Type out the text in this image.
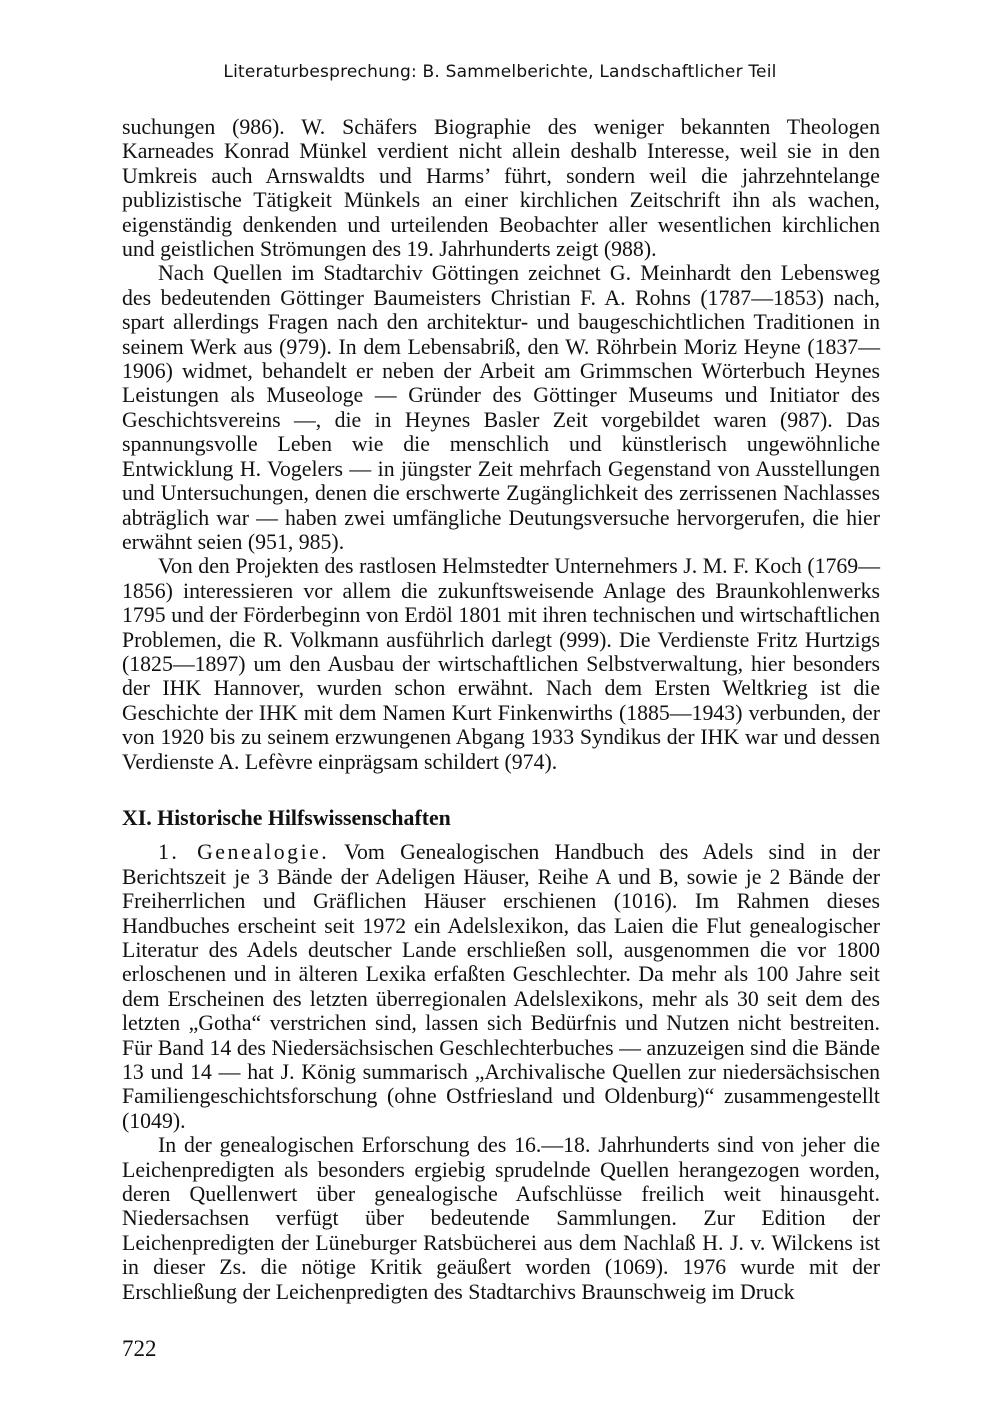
Literaturbesprechung: B. Sammelberichte, Landschaftlicher Teil

suchungen (986). W. Schäfers Biographie des weniger bekannten Theologen Karneades Konrad Münkel verdient nicht allein deshalb Interesse, weil sie in den Umkreis auch Arnswaldts und Harms’ führt, sondern weil die jahrzehntelange publizistische Tätigkeit Münkels an einer kirchlichen Zeitschrift ihn als wachen, eigenständig denkenden und urteilenden Beobachter aller wesentlichen kirchlichen und geistlichen Strömungen des 19. Jahrhunderts zeigt (988).

Nach Quellen im Stadtarchiv Göttingen zeichnet G. Meinhardt den Lebensweg des bedeutenden Göttinger Baumeisters Christian F. A. Rohns (1787—1853) nach, spart allerdings Fragen nach den architektur- und baugeschichtlichen Traditionen in seinem Werk aus (979). In dem Lebensabriß, den W. Röhrbein Moriz Heyne (1837—1906) widmet, behandelt er neben der Arbeit am Grimmschen Wörterbuch Heynes Leistungen als Museologe — Gründer des Göttinger Museums und Initiator des Geschichtsvereins —, die in Heynes Basler Zeit vorgebildet waren (987). Das spannungsvolle Leben wie die menschlich und künstlerisch ungewöhnliche Entwicklung H. Vogelers — in jüngster Zeit mehrfach Gegenstand von Ausstellungen und Untersuchungen, denen die erschwerte Zugänglichkeit des zerrissenen Nachlasses abträglich war — haben zwei umfängliche Deutungsversuche hervorgerufen, die hier erwähnt seien (951, 985).

Von den Projekten des rastlosen Helmstedter Unternehmers J. M. F. Koch (1769—1856) interessieren vor allem die zukunftsweisende Anlage des Braunkohlenwerks 1795 und der Förderbeginn von Erdöl 1801 mit ihren technischen und wirtschaftlichen Problemen, die R. Volkmann ausführlich darlegt (999). Die Verdienste Fritz Hurtzigs (1825—1897) um den Ausbau der wirtschaftlichen Selbstverwaltung, hier besonders der IHK Hannover, wurden schon erwähnt. Nach dem Ersten Weltkrieg ist die Geschichte der IHK mit dem Namen Kurt Finkenwirths (1885—1943) verbunden, der von 1920 bis zu seinem erzwungenen Abgang 1933 Syndikus der IHK war und dessen Verdienste A. Lefèvre einprägsam schildert (974).

XI. Historische Hilfswissenschaften

1. Genealogie. Vom Genealogischen Handbuch des Adels sind in der Berichtszeit je 3 Bände der Adeligen Häuser, Reihe A und B, sowie je 2 Bände der Freiherrlichen und Gräflichen Häuser erschienen (1016). Im Rahmen dieses Handbuches erscheint seit 1972 ein Adelslexikon, das Laien die Flut genealogischer Literatur des Adels deutscher Lande erschließen soll, ausgenommen die vor 1800 erloschenen und in älteren Lexika erfaßten Geschlechter. Da mehr als 100 Jahre seit dem Erscheinen des letzten überregionalen Adelslexikons, mehr als 30 seit dem des letzten „Gotha“ verstrichen sind, lassen sich Bedürfnis und Nutzen nicht bestreiten. Für Band 14 des Niedersächsischen Geschlechterbuches — anzuzeigen sind die Bände 13 und 14 — hat J. König summarisch „Archivalische Quellen zur niedersächsischen Familiengeschichtsforschung (ohne Ostfriesland und Oldenburg)“ zusammengestellt (1049).

In der genealogischen Erforschung des 16.—18. Jahrhunderts sind von jeher die Leichenpredigten als besonders ergiebig sprudelnde Quellen herangezogen worden, deren Quellenwert über genealogische Aufschlüsse freilich weit hinausgeht. Niedersachsen verfügt über bedeutende Sammlungen. Zur Edition der Leichenpredigten der Lüneburger Ratsbücherei aus dem Nachlaß H. J. v. Wilckens ist in dieser Zs. die nötige Kritik geäußert worden (1069). 1976 wurde mit der Erschließung der Leichenpredigten des Stadtarchivs Braunschweig im Druck

722
